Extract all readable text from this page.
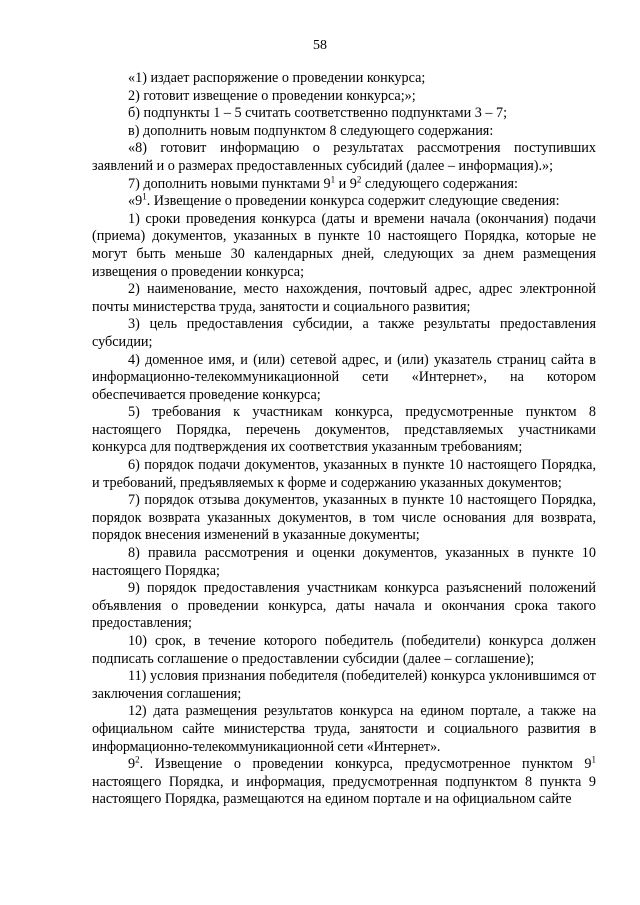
58

«1) издает распоряжение о проведении конкурса;

2) готовит извещение о проведении конкурса;»;

б) подпункты 1 – 5 считать соответственно подпунктами 3 – 7;

в) дополнить новым подпунктом 8 следующего содержания:

«8) готовит информацию о результатах рассмотрения поступивших заявлений и о размерах предоставленных субсидий (далее – информация).»;

7) дополнить новыми пунктами $9^1$ и $9^2$ следующего содержания:

«$9^1$. Извещение о проведении конкурса содержит следующие сведения:

1) сроки проведения конкурса (даты и времени начала (окончания) подачи (приема) документов, указанных в пункте 10 настоящего Порядка, которые не могут быть меньше 30 календарных дней, следующих за днем размещения извещения о проведении конкурса;

2) наименование, место нахождения, почтовый адрес, адрес электронной почты министерства труда, занятости и социального развития;

3) цель предоставления субсидии, а также результаты предоставления субсидии;

4) доменное имя, и (или) сетевой адрес, и (или) указатель страниц сайта в информационно-телекоммуникационной сети «Интернет», на котором обеспечивается проведение конкурса;

5) требования к участникам конкурса, предусмотренные пунктом 8 настоящего Порядка, перечень документов, представляемых участниками конкурса для подтверждения их соответствия указанным требованиям;

6) порядок подачи документов, указанных в пункте 10 настоящего Порядка, и требований, предъявляемых к форме и содержанию указанных документов;

7) порядок отзыва документов, указанных в пункте 10 настоящего Порядка, порядок возврата указанных документов, в том числе основания для возврата, порядок внесения изменений в указанные документы;

8) правила рассмотрения и оценки документов, указанных в пункте 10 настоящего Порядка;

9) порядок предоставления участникам конкурса разъяснений положений объявления о проведении конкурса, даты начала и окончания срока такого предоставления;

10) срок, в течение которого победитель (победители) конкурса должен подписать соглашение о предоставлении субсидии (далее – соглашение);

11) условия признания победителя (победителей) конкурса уклонившимся от заключения соглашения;

12) дата размещения результатов конкурса на едином портале, а также на официальном сайте министерства труда, занятости и социального развития в информационно-телекоммуникационной сети «Интернет».

$9^2$. Извещение о проведении конкурса, предусмотренное пунктом $9^1$ настоящего Порядка, и информация, предусмотренная подпунктом 8 пункта 9 настоящего Порядка, размещаются на едином портале и на официальном сайте
